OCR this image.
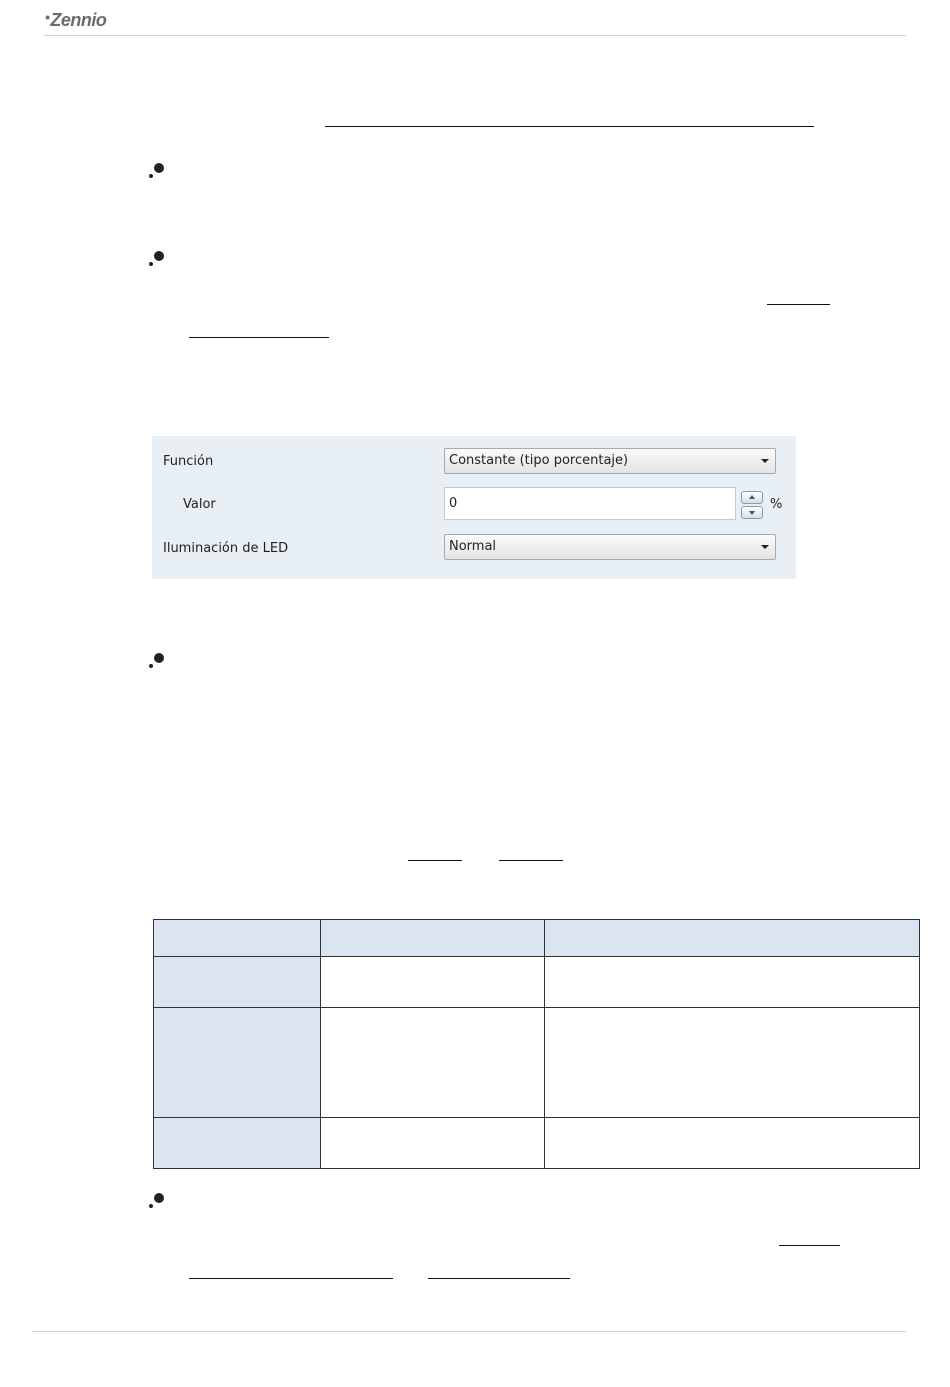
•Zennio
Función	Constante (tipo porcentaje)
Valor	0	%
Iluminación de LED	Normal
